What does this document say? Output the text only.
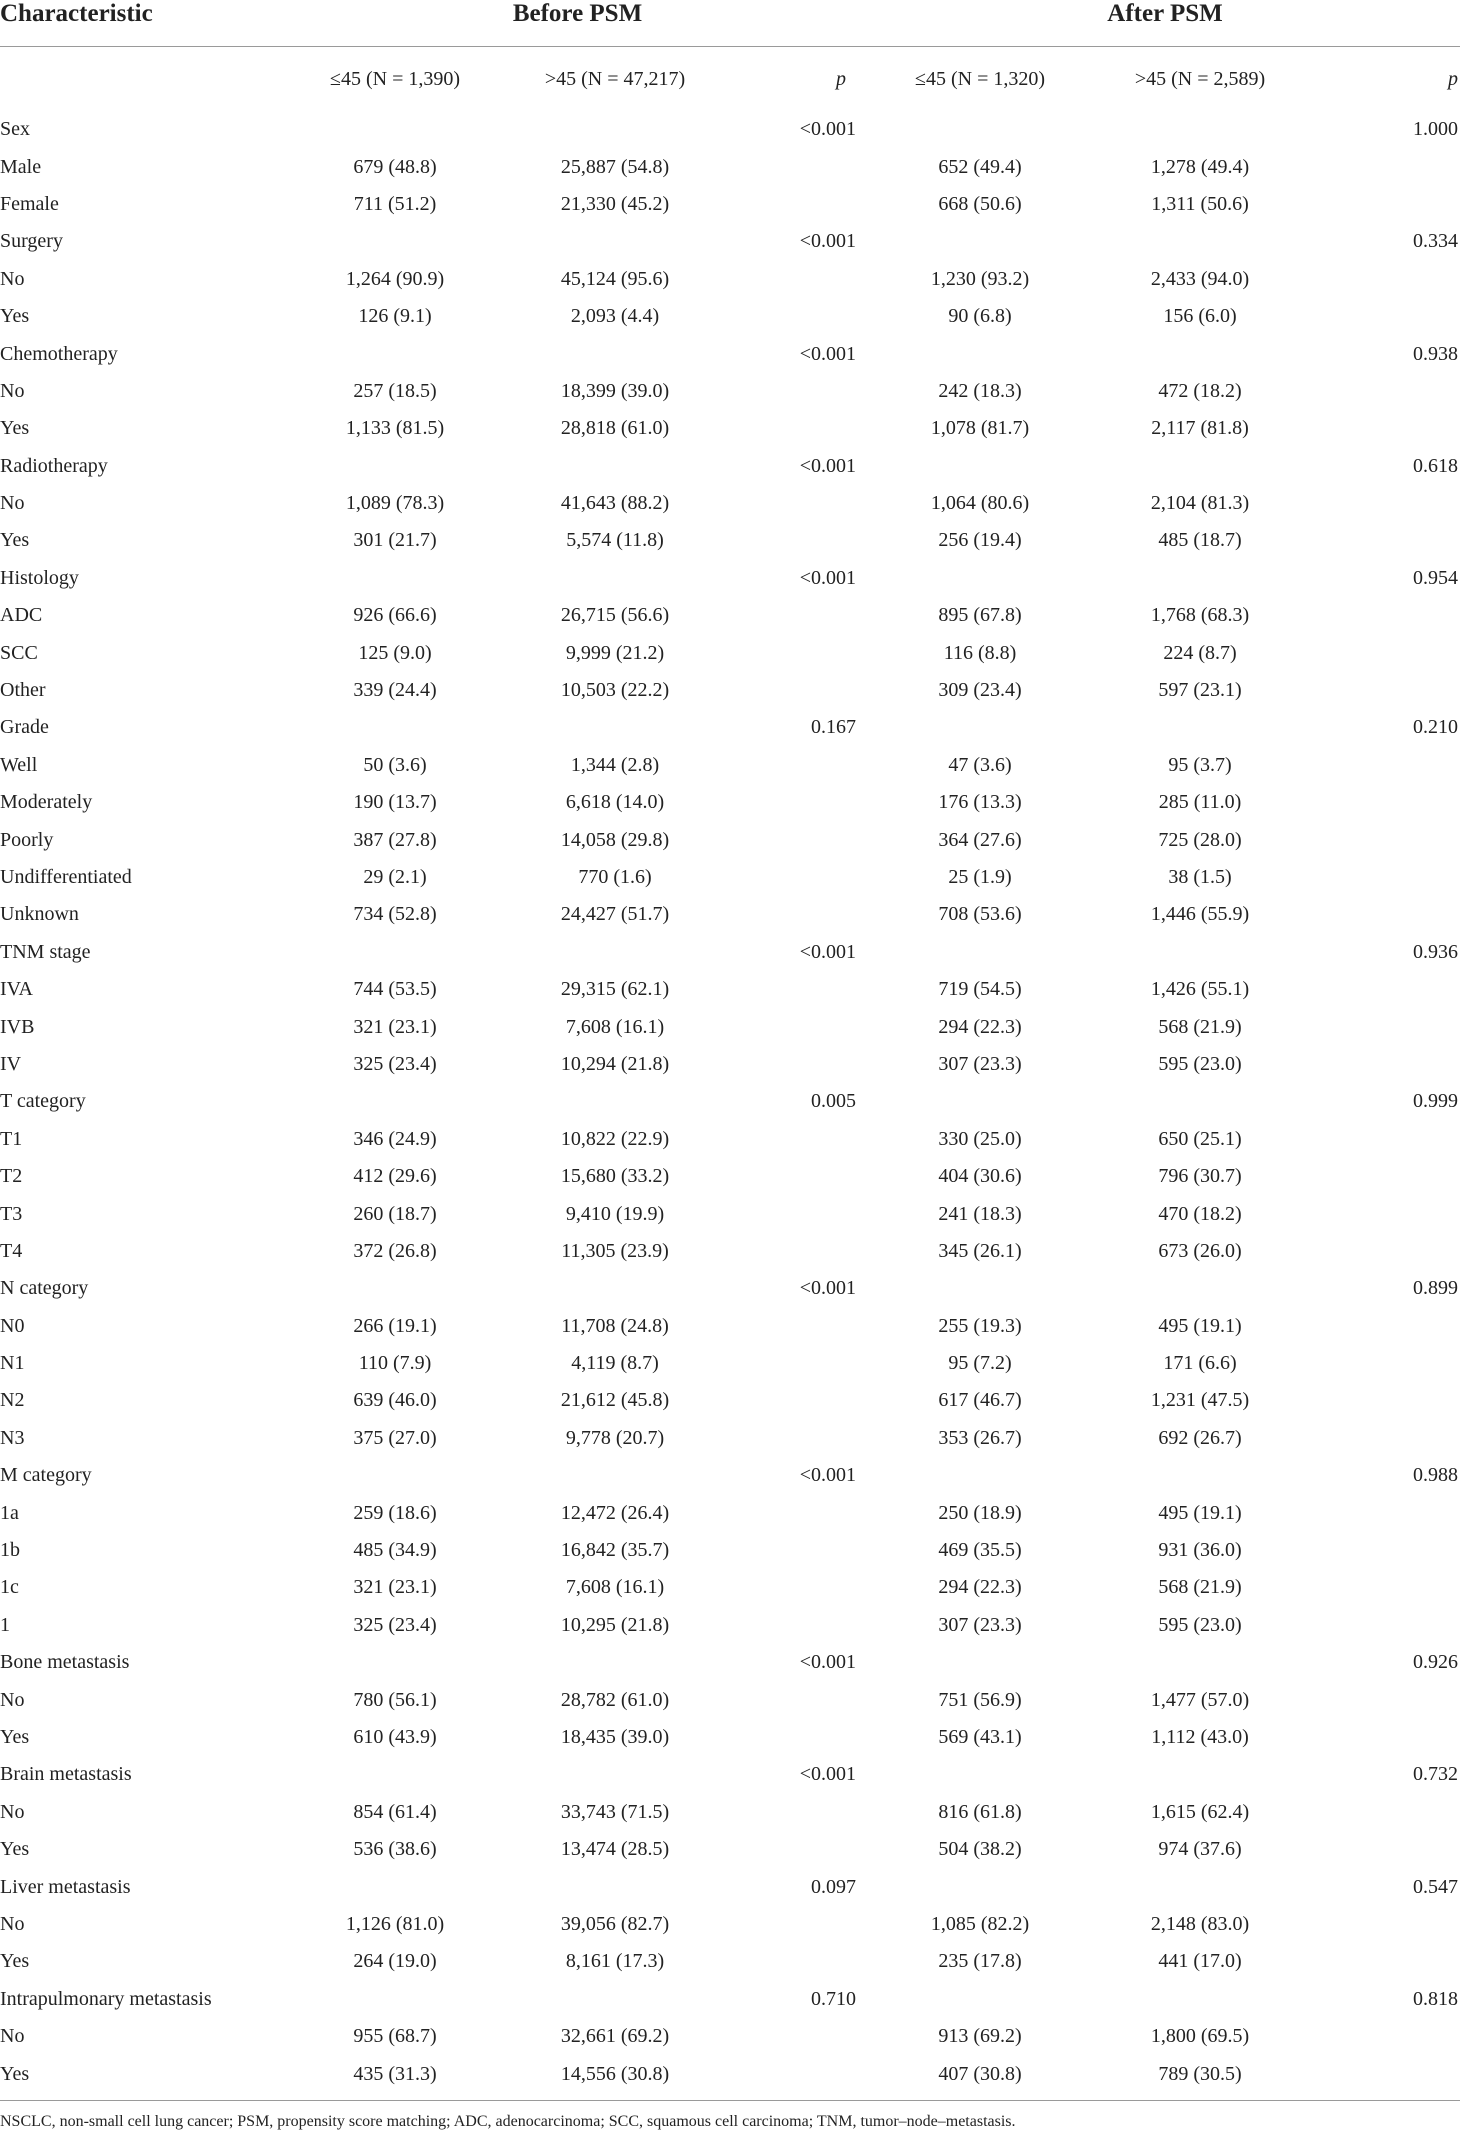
Characteristic	Before PSM			After PSM		
	≤45 (N = 1,390)	>45 (N = 47,217)	p	≤45 (N = 1,320)	>45 (N = 2,589)	p
Sex			<0.001			1.000
Male	679 (48.8)	25,887 (54.8)		652 (49.4)	1,278 (49.4)	
Female	711 (51.2)	21,330 (45.2)		668 (50.6)	1,311 (50.6)	
Surgery			<0.001			0.334
No	1,264 (90.9)	45,124 (95.6)		1,230 (93.2)	2,433 (94.0)	
Yes	126 (9.1)	2,093 (4.4)		90 (6.8)	156 (6.0)	
Chemotherapy			<0.001			0.938
No	257 (18.5)	18,399 (39.0)		242 (18.3)	472 (18.2)	
Yes	1,133 (81.5)	28,818 (61.0)		1,078 (81.7)	2,117 (81.8)	
Radiotherapy			<0.001			0.618
No	1,089 (78.3)	41,643 (88.2)		1,064 (80.6)	2,104 (81.3)	
Yes	301 (21.7)	5,574 (11.8)		256 (19.4)	485 (18.7)	
Histology			<0.001			0.954
ADC	926 (66.6)	26,715 (56.6)		895 (67.8)	1,768 (68.3)	
SCC	125 (9.0)	9,999 (21.2)		116 (8.8)	224 (8.7)	
Other	339 (24.4)	10,503 (22.2)		309 (23.4)	597 (23.1)	
Grade			0.167			0.210
Well	50 (3.6)	1,344 (2.8)		47 (3.6)	95 (3.7)	
Moderately	190 (13.7)	6,618 (14.0)		176 (13.3)	285 (11.0)	
Poorly	387 (27.8)	14,058 (29.8)		364 (27.6)	725 (28.0)	
Undifferentiated	29 (2.1)	770 (1.6)		25 (1.9)	38 (1.5)	
Unknown	734 (52.8)	24,427 (51.7)		708 (53.6)	1,446 (55.9)	
TNM stage			<0.001			0.936
IVA	744 (53.5)	29,315 (62.1)		719 (54.5)	1,426 (55.1)	
IVB	321 (23.1)	7,608 (16.1)		294 (22.3)	568 (21.9)	
IV	325 (23.4)	10,294 (21.8)		307 (23.3)	595 (23.0)	
T category			0.005			0.999
T1	346 (24.9)	10,822 (22.9)		330 (25.0)	650 (25.1)	
T2	412 (29.6)	15,680 (33.2)		404 (30.6)	796 (30.7)	
T3	260 (18.7)	9,410 (19.9)		241 (18.3)	470 (18.2)	
T4	372 (26.8)	11,305 (23.9)		345 (26.1)	673 (26.0)	
N category			<0.001			0.899
N0	266 (19.1)	11,708 (24.8)		255 (19.3)	495 (19.1)	
N1	110 (7.9)	4,119 (8.7)		95 (7.2)	171 (6.6)	
N2	639 (46.0)	21,612 (45.8)		617 (46.7)	1,231 (47.5)	
N3	375 (27.0)	9,778 (20.7)		353 (26.7)	692 (26.7)	
M category			<0.001			0.988
1a	259 (18.6)	12,472 (26.4)		250 (18.9)	495 (19.1)	
1b	485 (34.9)	16,842 (35.7)		469 (35.5)	931 (36.0)	
1c	321 (23.1)	7,608 (16.1)		294 (22.3)	568 (21.9)	
1	325 (23.4)	10,295 (21.8)		307 (23.3)	595 (23.0)	
Bone metastasis			<0.001			0.926
No	780 (56.1)	28,782 (61.0)		751 (56.9)	1,477 (57.0)	
Yes	610 (43.9)	18,435 (39.0)		569 (43.1)	1,112 (43.0)	
Brain metastasis			<0.001			0.732
No	854 (61.4)	33,743 (71.5)		816 (61.8)	1,615 (62.4)	
Yes	536 (38.6)	13,474 (28.5)		504 (38.2)	974 (37.6)	
Liver metastasis			0.097			0.547
No	1,126 (81.0)	39,056 (82.7)		1,085 (82.2)	2,148 (83.0)	
Yes	264 (19.0)	8,161 (17.3)		235 (17.8)	441 (17.0)	
Intrapulmonary metastasis			0.710			0.818
No	955 (68.7)	32,661 (69.2)		913 (69.2)	1,800 (69.5)	
Yes	435 (31.3)	14,556 (30.8)		407 (30.8)	789 (30.5)	
NSCLC, non-small cell lung cancer; PSM, propensity score matching; ADC, adenocarcinoma; SCC, squamous cell carcinoma; TNM, tumor–node–metastasis.
